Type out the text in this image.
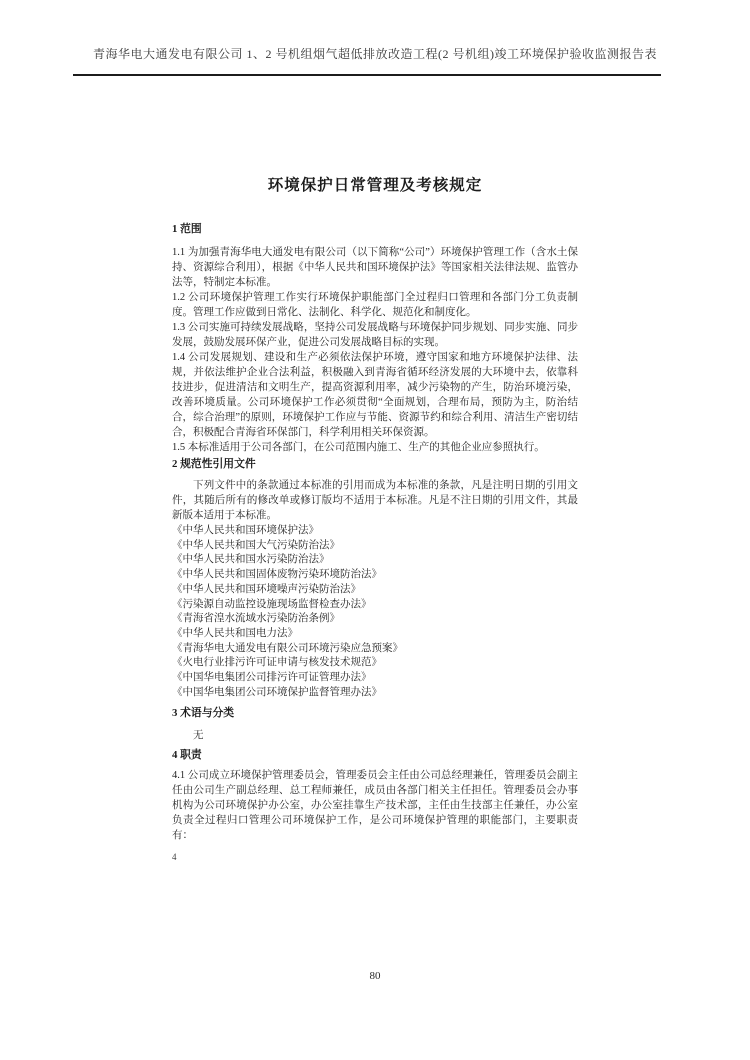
青海华电大通发电有限公司 1、2 号机组烟气超低排放改造工程(2 号机组)竣工环境保护验收监测报告表
环境保护日常管理及考核规定
1 范围

1.1 为加强青海华电大通发电有限公司（以下简称“公司”）环境保护管理工作（含水土保持、资源综合利用），根据《中华人民共和国环境保护法》等国家相关法律法规、监管办法等，特制定本标准。

1.2 公司环境保护管理工作实行环境保护职能部门全过程归口管理和各部门分工负责制度。管理工作应做到日常化、法制化、科学化、规范化和制度化。

1.3 公司实施可持续发展战略，坚持公司发展战略与环境保护同步规划、同步实施、同步发展，鼓励发展环保产业，促进公司发展战略目标的实现。

1.4 公司发展规划、建设和生产必须依法保护环境，遵守国家和地方环境保护法律、法规，并依法维护企业合法利益，积极融入到青海省循环经济发展的大环境中去，依靠科技进步，促进清洁和文明生产，提高资源利用率，减少污染物的产生，防治环境污染，改善环境质量。公司环境保护工作必须贯彻“全面规划，合理布局，预防为主，防治结合，综合治理”的原则，环境保护工作应与节能、资源节约和综合利用、清洁生产密切结合，积极配合青海省环保部门，科学利用相关环保资源。

1.5 本标准适用于公司各部门，在公司范围内施工、生产的其他企业应参照执行。

2 规范性引用文件

下列文件中的条款通过本标准的引用而成为本标准的条款，凡是注明日期的引用文件，其随后所有的修改单或修订版均不适用于本标准。凡是不注日期的引用文件，其最新版本适用于本标准。

《中华人民共和国环境保护法》
《中华人民共和国大气污染防治法》
《中华人民共和国水污染防治法》
《中华人民共和国固体废物污染环境防治法》
《中华人民共和国环境噪声污染防治法》
《污染源自动监控设施现场监督检查办法》
《青海省湟水流域水污染防治条例》
《中华人民共和国电力法》
《青海华电大通发电有限公司环境污染应急预案》
《火电行业排污许可证申请与核发技术规范》
《中国华电集团公司排污许可证管理办法》
《中国华电集团公司环境保护监督管理办法》
3 术语与分类

无

4 职责

4.1 公司成立环境保护管理委员会，管理委员会主任由公司总经理兼任，管理委员会副主任由公司生产副总经理、总工程师兼任，成员由各部门相关主任担任。管理委员会办事机构为公司环境保护办公室，办公室挂靠生产技术部，主任由生技部主任兼任，办公室负责全过程归口管理公司环境保护工作，是公司环境保护管理的职能部门，主要职责有：

4
80
